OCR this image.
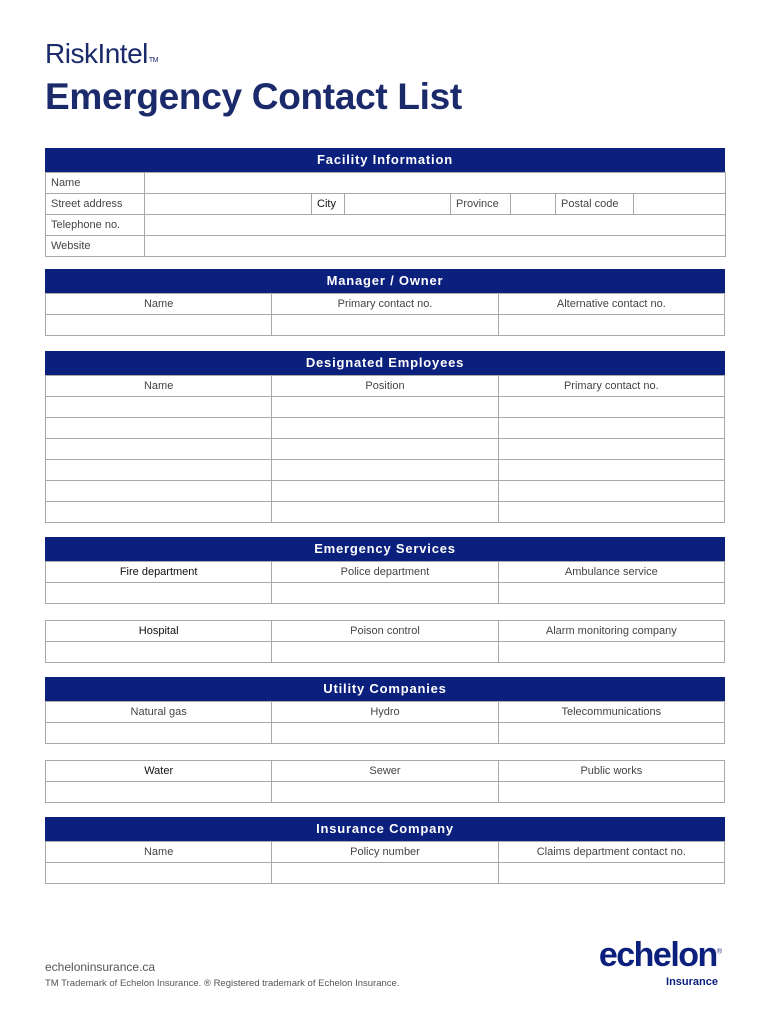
RiskIntel™
Emergency Contact List
Facility Information
Name							
Street address		City		Province		Postal code	
Telephone no.							
Website							
Manager / Owner
Name	Primary contact no.	Alternative contact no.

Designated Employees
Name	Position	Primary contact no.

Emergency Services
Fire department	Police department	Ambulance service

Hospital	Poison control	Alarm monitoring company

Utility Companies
Natural gas	Hydro	Telecommunications

Water	Sewer	Public works

Insurance Company
Name	Policy number	Claims department contact no.

echeloninsurance.ca
TM Trademark of Echelon Insurance. ® Registered trademark of Echelon Insurance.
echelon®
Insurance
